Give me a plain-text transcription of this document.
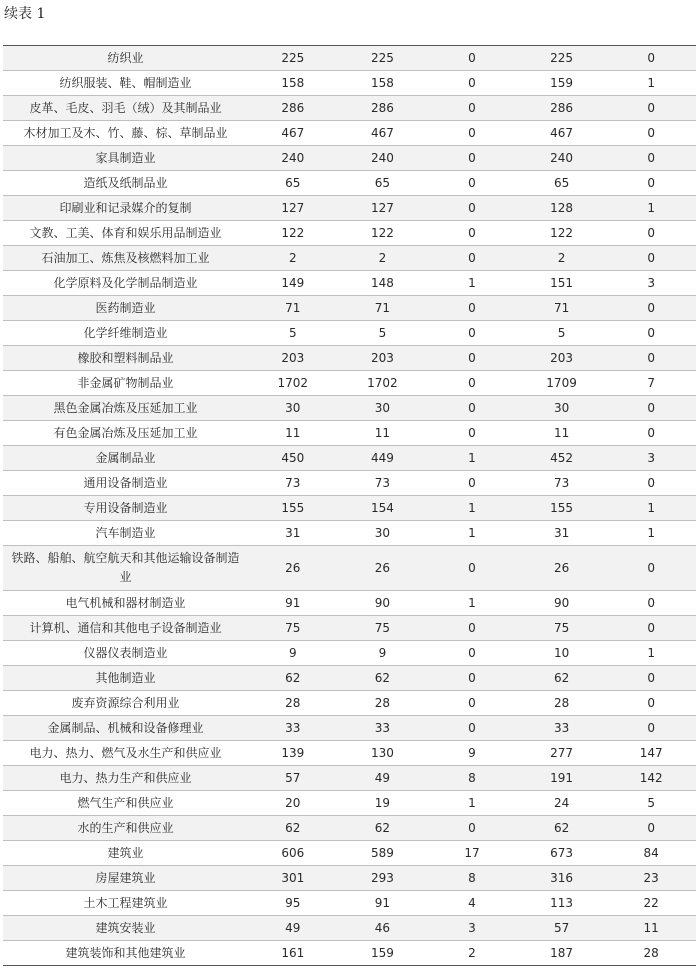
续表 1
纺织业	225	225	0	225	0
纺织服装、鞋、帽制造业	158	158	0	159	1
皮革、毛皮、羽毛（绒）及其制品业	286	286	0	286	0
木材加工及木、竹、藤、棕、草制品业	467	467	0	467	0
家具制造业	240	240	0	240	0
造纸及纸制品业	65	65	0	65	0
印刷业和记录媒介的复制	127	127	0	128	1
文教、工美、体育和娱乐用品制造业	122	122	0	122	0
石油加工、炼焦及核燃料加工业	2	2	0	2	0
化学原料及化学制品制造业	149	148	1	151	3
医药制造业	71	71	0	71	0
化学纤维制造业	5	5	0	5	0
橡胶和塑料制品业	203	203	0	203	0
非金属矿物制品业	1702	1702	0	1709	7
黑色金属冶炼及压延加工业	30	30	0	30	0
有色金属冶炼及压延加工业	11	11	0	11	0
金属制品业	450	449	1	452	3
通用设备制造业	73	73	0	73	0
专用设备制造业	155	154	1	155	1
汽车制造业	31	30	1	31	1
铁路、船舶、航空航天和其他运输设备制造业	26	26	0	26	0
电气机械和器材制造业	91	90	1	90	0
计算机、通信和其他电子设备制造业	75	75	0	75	0
仪器仪表制造业	9	9	0	10	1
其他制造业	62	62	0	62	0
废弃资源综合利用业	28	28	0	28	0
金属制品、机械和设备修理业	33	33	0	33	0
电力、热力、燃气及水生产和供应业	139	130	9	277	147
电力、热力生产和供应业	57	49	8	191	142
燃气生产和供应业	20	19	1	24	5
水的生产和供应业	62	62	0	62	0
建筑业	606	589	17	673	84
房屋建筑业	301	293	8	316	23
土木工程建筑业	95	91	4	113	22
建筑安装业	49	46	3	57	11
建筑装饰和其他建筑业	161	159	2	187	28
